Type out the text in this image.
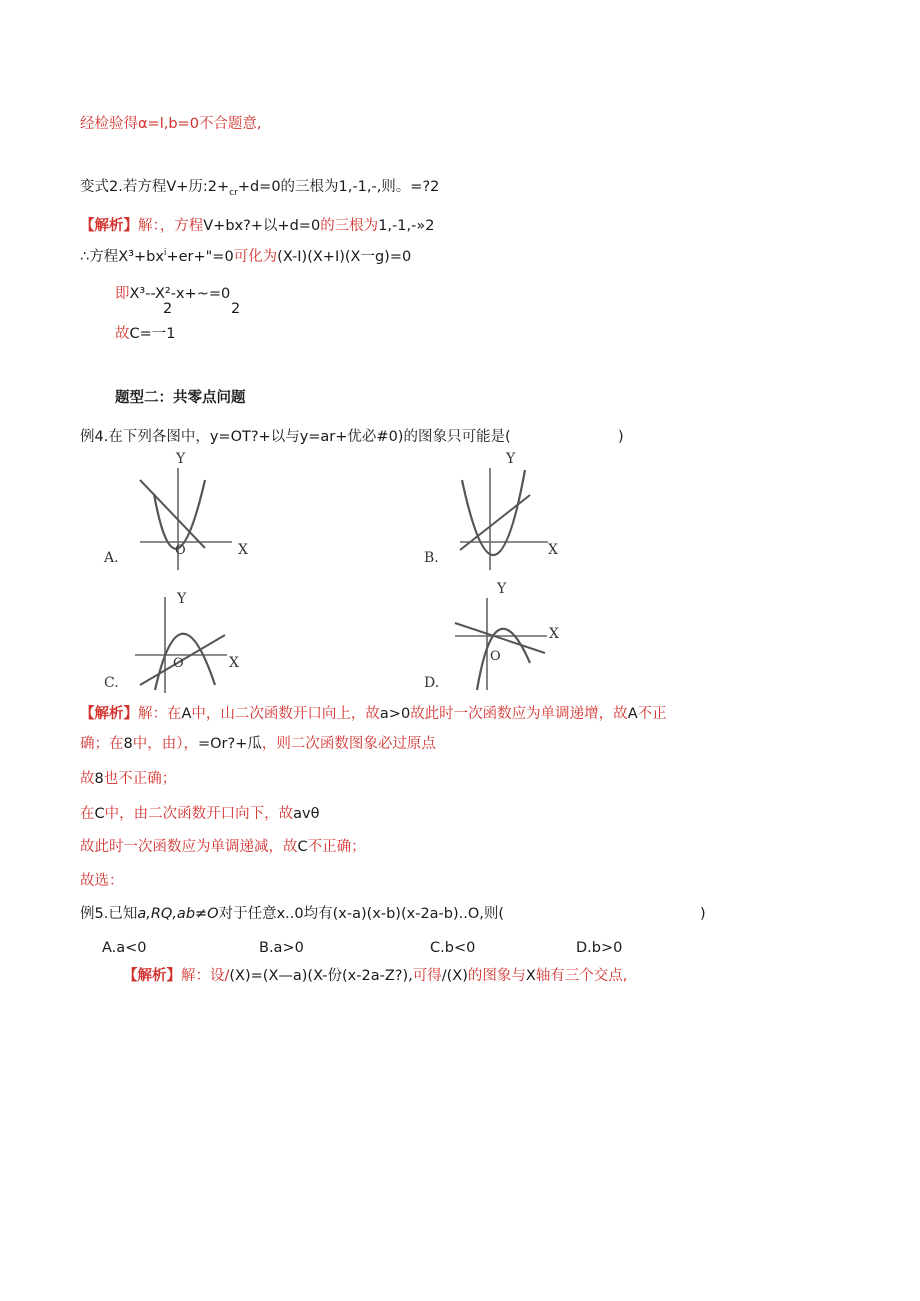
经检验得α=l,b=0不合题意,
变式2.若方程V+历$:2+_{cr}+d=0$的三根为1,-1,-,则。=?2
【解析】解：，方程V+bx?+以+d=0的三根为1,-1,-»2
∴方程$X^3+bx^i+er+"=0$可化为(X-I)(X+I)(X一g)=0
即X³--X²-x+~=0
2	2
故C=一1
题型二：共零点问题
例4.在下列各图中，y=OT?+以与y=ar+优必#0)的图象只可能是(	)
Y
X
O
A.
Y
X
B.
Y
X
O
C.
Y
X
O
D.
【解析】解：在A中，山二次函数开口向上，故a>0故此时一次函数应为单调递增，故A不正
确；在8中，由），=Or?+瓜，则二次函数图象必过原点
故8也不正确；
在C中，由二次函数开口向下，故avθ
故此时一次函数应为单调递减，故C不正确；
故选：
例5.已知a,RQ,ab≠O对于任意x..0均有(x-a)(x-b)(x-2a-b)..O,则(	)
A.a<0	B.a>0	C.b<0	D.b>0
【解析】解：设/(X)=(X—a)(X-份(x-2a-Z?),可得/(X)的图象与X轴有三个交点,
